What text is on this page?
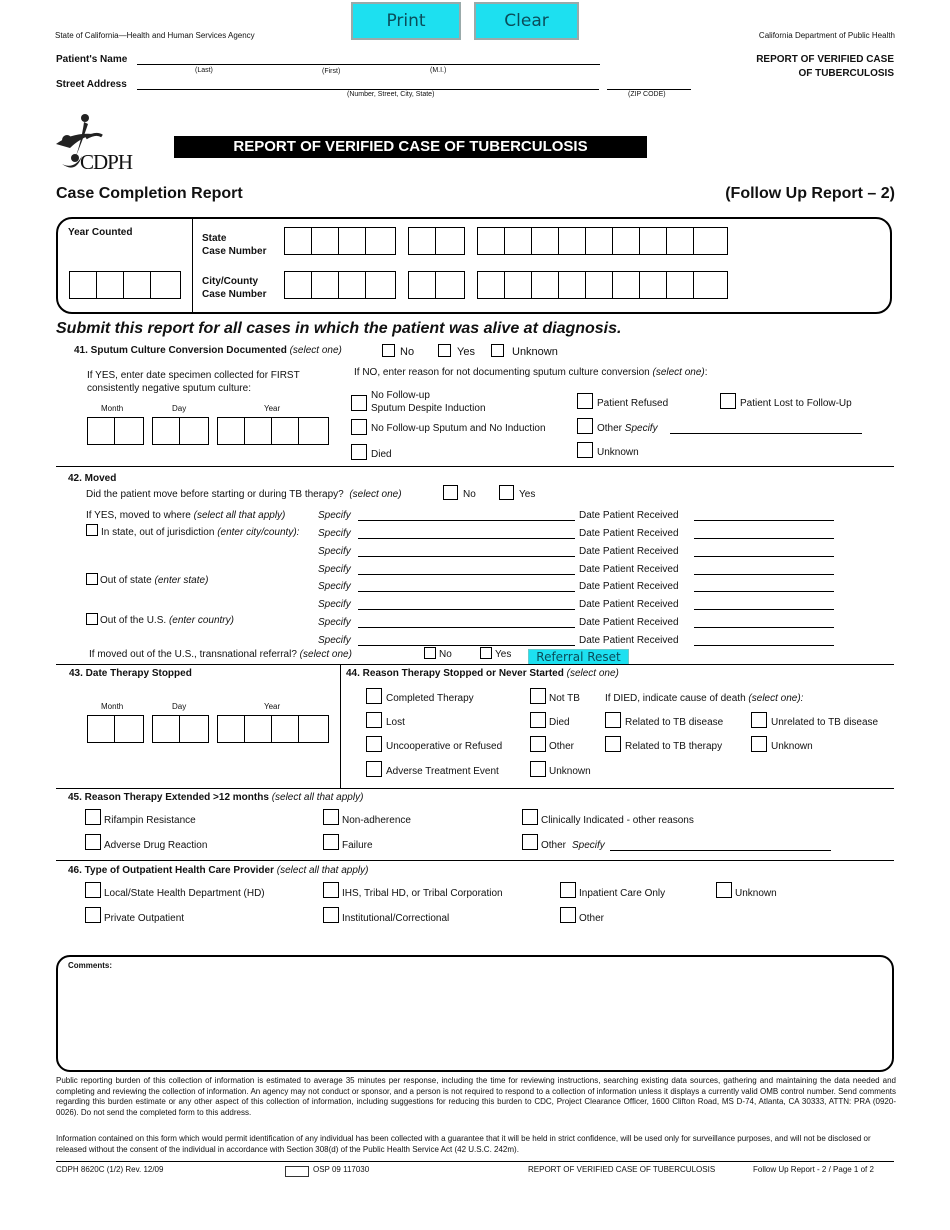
Print	Clear
State of California—Health and Human Services Agency	California Department of Public Health
REPORT OF VERIFIED CASE
OF TUBERCULOSIS
Patient's Name
(Last)	(First)	(M.I.)
Street Address
(Number, Street, City, State)	(ZIP CODE)
CDPH
REPORT OF VERIFIED CASE OF TUBERCULOSIS
Case Completion Report	(Follow Up Report – 2)
Year Counted
State
Case Number
City/County
Case Number
Submit this report for all cases in which the patient was alive at diagnosis.
41. Sputum Culture Conversion Documented (select one)	No	Yes	Unknown
If YES, enter date specimen collected for FIRST
consistently negative sputum culture:
Month	Day	Year
If NO, enter reason for not documenting sputum culture conversion (select one):
No Follow-up
Sputum Despite Induction
No Follow-up Sputum and No Induction
Died
Patient Refused
Other Specify
Unknown
Patient Lost to Follow-Up
42. Moved
Did the patient move before starting or during TB therapy? (select one)	No	Yes
If YES, moved to where (select all that apply)
In state, out of jurisdiction (enter city/county):
Out of state (enter state)
Out of the U.S. (enter country)
Specify	Date Patient Received
Specify	Date Patient Received
Specify	Date Patient Received
Specify	Date Patient Received
Specify	Date Patient Received
Specify	Date Patient Received
Specify	Date Patient Received
Specify	Date Patient Received
If moved out of the U.S., transnational referral? (select one)	No	Yes	Referral Reset
43. Date Therapy Stopped
Month	Day	Year
44. Reason Therapy Stopped or Never Started (select one)
If DIED, indicate cause of death (select one):
Completed Therapy
Lost
Uncooperative or Refused
Adverse Treatment Event
Not TB
Died
Other
Unknown
Related to TB disease
Related to TB therapy
Unrelated to TB disease
Unknown
45. Reason Therapy Extended >12 months (select all that apply)
Rifampin Resistance
Adverse Drug Reaction
Non-adherence
Failure
Clinically Indicated - other reasons
Other Specify
46. Type of Outpatient Health Care Provider (select all that apply)
Local/State Health Department (HD)
Private Outpatient
IHS, Tribal HD, or Tribal Corporation
Institutional/Correctional
Inpatient Care Only
Other
Unknown
Comments:
Public reporting burden of this collection of information is estimated to average 35 minutes per response, including the time for reviewing instructions, searching existing data sources, gathering and maintaining the data needed and completing and reviewing the collection of information. An agency may not conduct or sponsor, and a person is not required to respond to a collection of information unless it displays a currently valid OMB control number. Send comments regarding this burden estimate or any other aspect of this collection of information, including suggestions for reducing this burden to CDC, Project Clearance Officer, 1600 Clifton Road, MS D-74, Atlanta, CA 30333, ATTN: PRA (0920-0026). Do not send the completed form to this address.
Information contained on this form which would permit identification of any individual has been collected with a guarantee that it will be held in strict confidence, will be used only for surveillance purposes, and will not be disclosed or released without the consent of the individual in accordance with Section 308(d) of the Public Health Service Act (42 U.S.C. 242m).
CDPH 8620C (1/2) Rev. 12/09	OSP 09 117030	REPORT OF VERIFIED CASE OF TUBERCULOSIS	Follow Up Report - 2 / Page 1 of 2
